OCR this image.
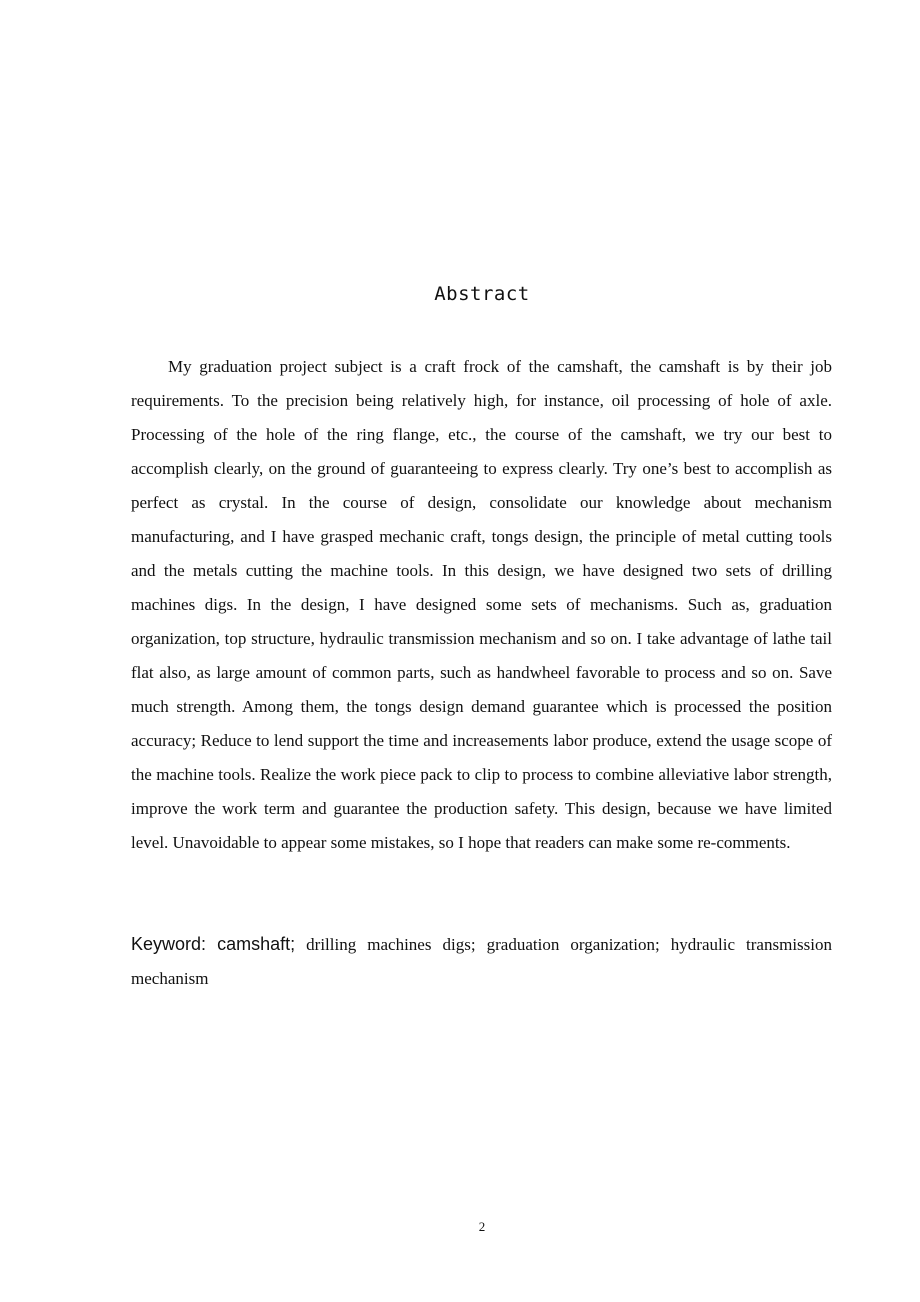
Abstract

My graduation project subject is a craft frock of the camshaft, the camshaft is by their job requirements. To the precision being relatively high, for instance, oil processing of hole of axle. Processing of the hole of the ring flange, etc., the course of the camshaft, we try our best to accomplish clearly, on the ground of guaranteeing to express clearly. Try one’s best to accomplish as perfect as crystal. In the course of design, consolidate our knowledge about mechanism manufacturing, and I have grasped mechanic craft, tongs design, the principle of metal cutting tools and the metals cutting the machine tools. In this design, we have designed two sets of drilling machines digs. In the design, I have designed some sets of mechanisms. Such as, graduation organization, top structure, hydraulic transmission mechanism and so on. I take advantage of lathe tail flat also, as large amount of common parts, such as handwheel favorable to process and so on. Save much strength. Among them, the tongs design demand guarantee which is processed the position accuracy; Reduce to lend support the time and increasements labor produce, extend the usage scope of the machine tools. Realize the work piece pack to clip to process to combine alleviative labor strength, improve the work term and guarantee the production safety. This design, because we have limited level. Unavoidable to appear some mistakes, so I hope that readers can make some re-comments.

Keyword: camshaft; drilling machines digs; graduation organization; hydraulic transmission mechanism

2
